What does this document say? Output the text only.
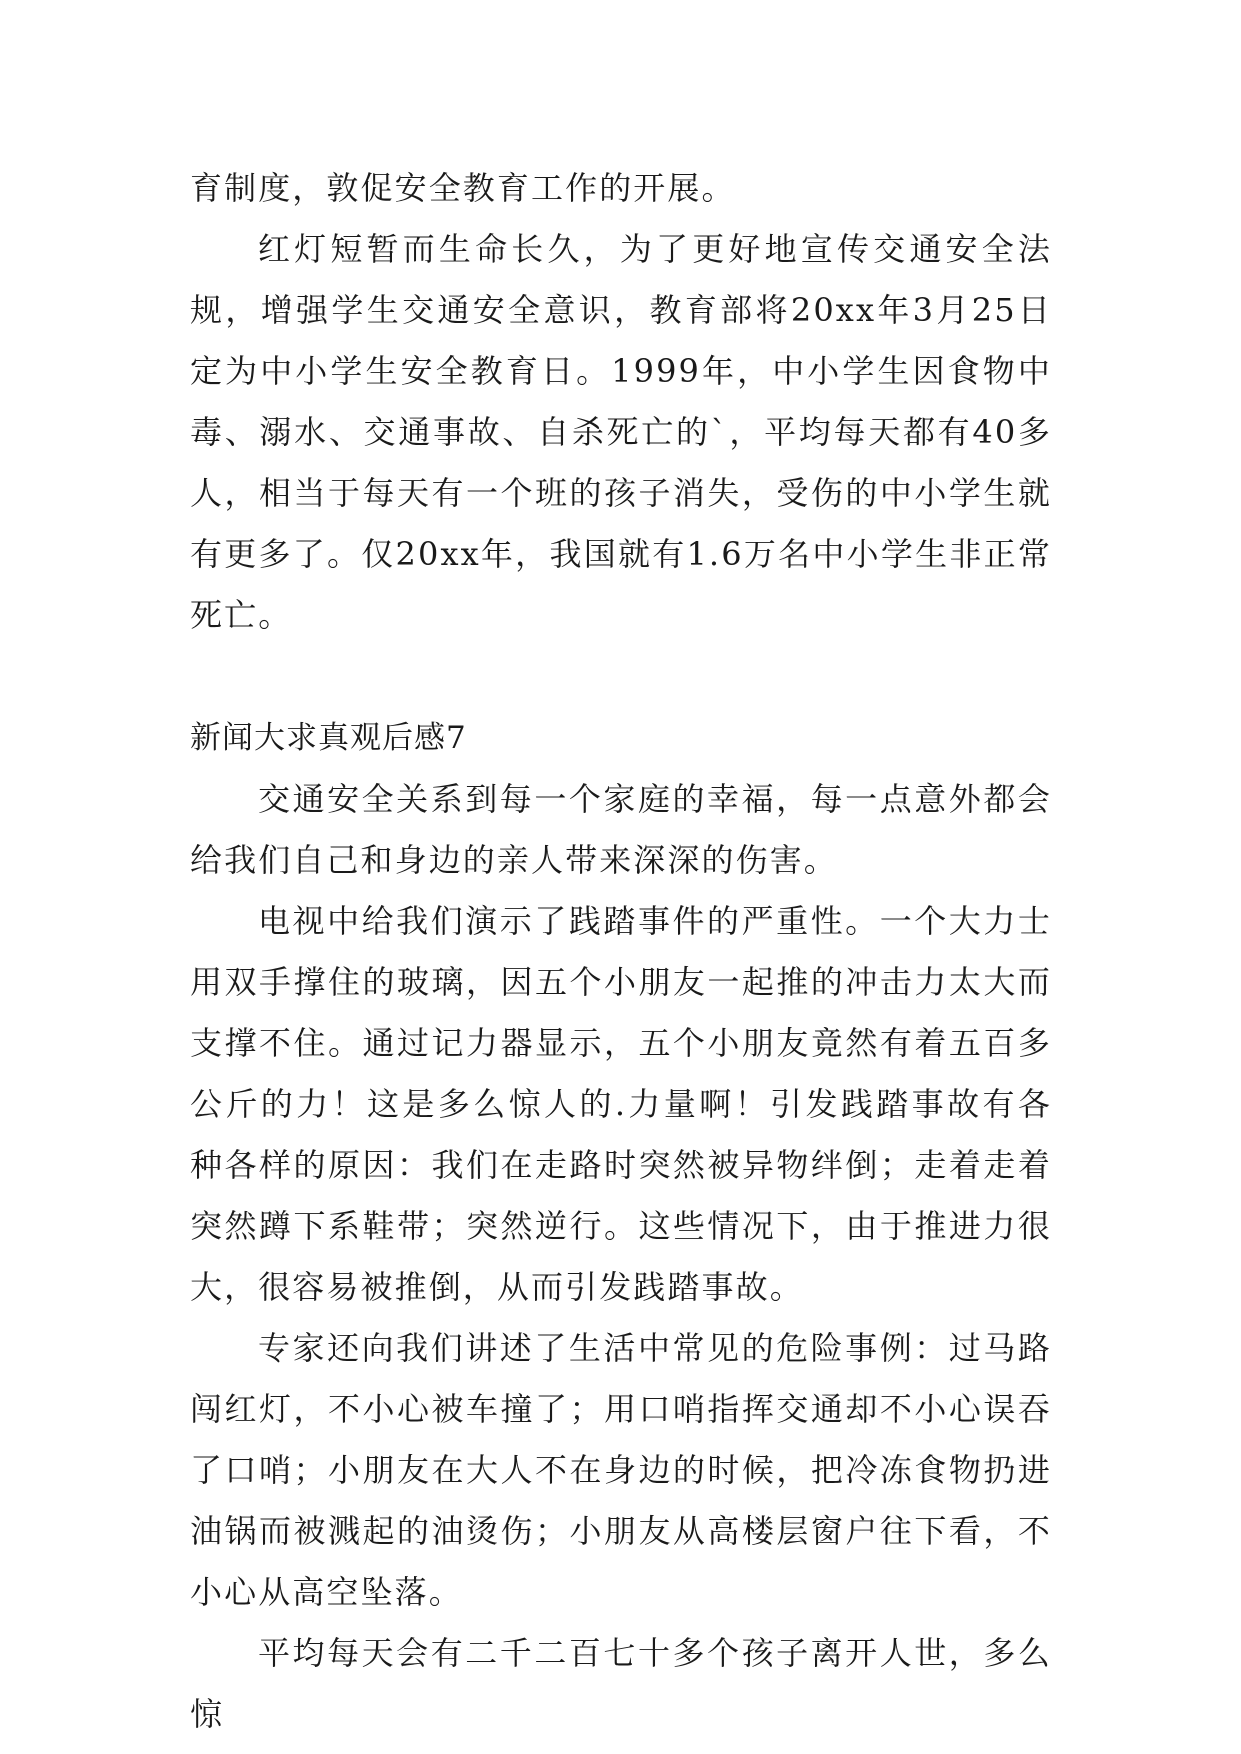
育制度，敦促安全教育工作的开展。

红灯短暂而生命长久，为了更好地宣传交通安全法规，增强学生交通安全意识，教育部将20xx年3月25日定为中小学生安全教育日。1999年，中小学生因食物中毒、溺水、交通事故、自杀死亡的`，平均每天都有40多人，相当于每天有一个班的孩子消失，受伤的中小学生就有更多了。仅20xx年，我国就有1.6万名中小学生非正常死亡。

新闻大求真观后感7

交通安全关系到每一个家庭的幸福，每一点意外都会给我们自己和身边的亲人带来深深的伤害。

电视中给我们演示了践踏事件的严重性。一个大力士用双手撑住的玻璃，因五个小朋友一起推的冲击力太大而支撑不住。通过记力器显示，五个小朋友竟然有着五百多公斤的力！这是多么惊人的.力量啊！引发践踏事故有各种各样的原因：我们在走路时突然被异物绊倒；走着走着突然蹲下系鞋带；突然逆行。这些情况下，由于推进力很大，很容易被推倒，从而引发践踏事故。

专家还向我们讲述了生活中常见的危险事例：过马路闯红灯，不小心被车撞了；用口哨指挥交通却不小心误吞了口哨；小朋友在大人不在身边的时候，把冷冻食物扔进油锅而被溅起的油烫伤；小朋友从高楼层窗户往下看，不小心从高空坠落。

平均每天会有二千二百七十多个孩子离开人世，多么惊
